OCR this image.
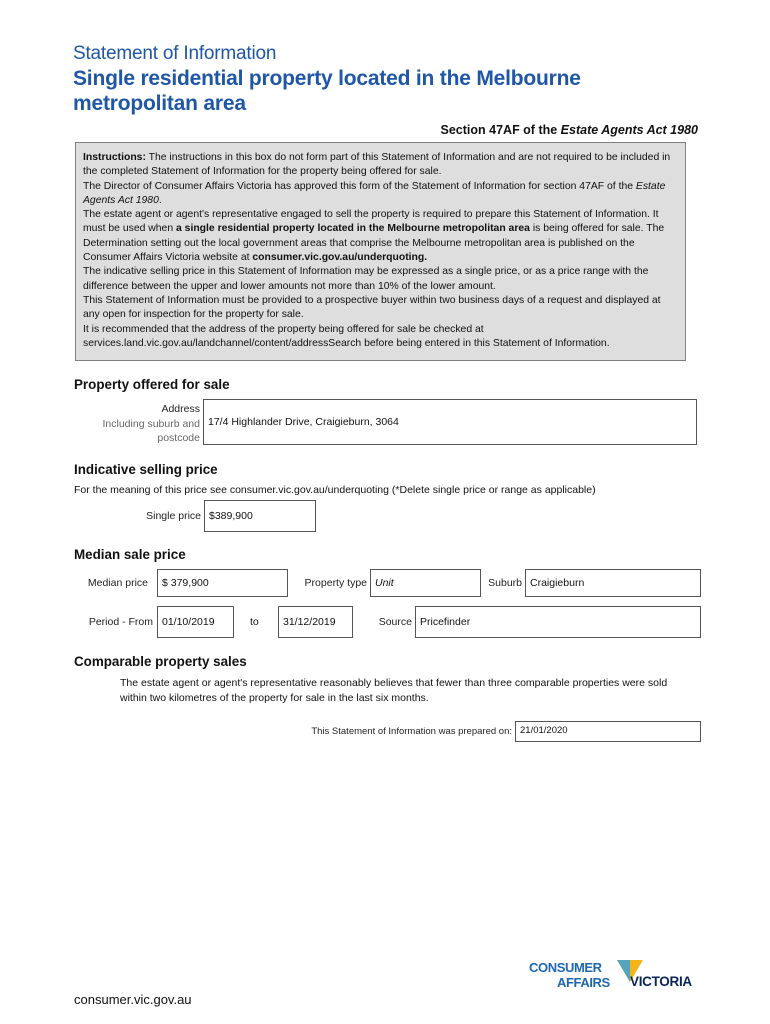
Statement of Information
Single residential property located in the Melbourne
metropolitan area
Section 47AF of the Estate Agents Act 1980

Instructions: The instructions in this box do not form part of this Statement of Information and are not required to be included in the completed Statement of Information for the property being offered for sale.

The Director of Consumer Affairs Victoria has approved this form of the Statement of Information for section 47AF of the Estate Agents Act 1980.

The estate agent or agent's representative engaged to sell the property is required to prepare this Statement of Information. It must be used when a single residential property located in the Melbourne metropolitan area is being offered for sale. The Determination setting out the local government areas that comprise the Melbourne metropolitan area is published on the Consumer Affairs Victoria website at consumer.vic.gov.au/underquoting.

The indicative selling price in this Statement of Information may be expressed as a single price, or as a price range with the difference between the upper and lower amounts not more than 10% of the lower amount.

This Statement of Information must be provided to a prospective buyer within two business days of a request and displayed at any open for inspection for the property for sale.

It is recommended that the address of the property being offered for sale be checked at services.land.vic.gov.au/landchannel/content/addressSearch before being entered in this Statement of Information.

Property offered for sale
Address
Including suburb and
postcode
17/4 Highlander Drive, Craigieburn, 3064
Indicative selling price
For the meaning of this price see consumer.vic.gov.au/underquoting (*Delete single price or range as applicable)
Single price $389,900
Median sale price
Median price	$ 379,900	Property type Unit	Suburb Craigieburn
Period - From 01/10/2019	to	31/12/2019	Source Pricefinder
Comparable property sales
The estate agent or agent's representative reasonably believes that fewer than three comparable properties were sold within two kilometres of the property for sale in the last six months.
This Statement of Information was prepared on: 21/01/2020
CONSUMER
AFFAIRS VICTORIA
consumer.vic.gov.au
